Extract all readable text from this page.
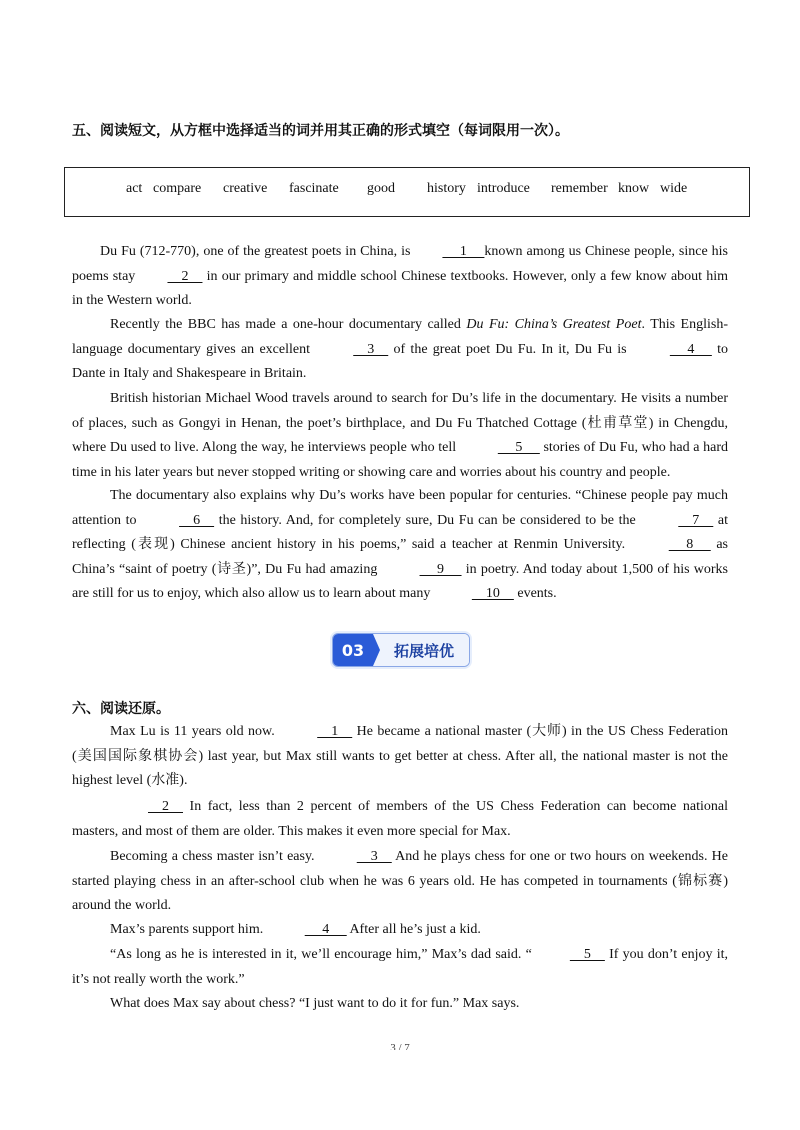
五、阅读短文，从方框中选择适当的词并用其正确的形式填空（每词限用一次）。
act compare creative fascinate good history introduce remember know wide

Du Fu (712-770), one of the greatest poets in China, is      1     known among us Chinese people, since his poems stay     2     in our primary and middle school Chinese textbooks. However, only a few know about him in the Western world.

Recently the BBC has made a one-hour documentary called Du Fu: China’s Greatest Poet. This English-language documentary gives an excellent	3     of the great poet Du Fu. In it, Du Fu is	4      to Dante in Italy and Shakespeare in Britain.

British historian Michael Wood travels around to search for Du’s life in the documentary. He visits a number of places, such as Gongyi in Henan, the poet’s birthplace, and Du Fu Thatched Cottage (杜甫草堂) in Chengdu, where Du used to live. Along the way, he interviews people who tell	5      stories of Du Fu, who had a hard time in his later years but never stopped writing or showing care and worries about his country and people.

The documentary also explains why Du’s works have been popular for centuries. “Chinese people pay much attention to	6     the history. And, for completely sure, Du Fu can be considered to be the	7     at reflecting (表现) Chinese ancient history in his poems,” said a teacher at Renmin University.	8      as China’s “saint of poetry (诗圣)”, Du Fu had amazing	9      in poetry. And today about 1,500 of his works are still for us to enjoy, which also allow us to learn about many	10     events.

03	拓展培优
六、阅读还原。

Max Lu is 11 years old now.	1     He became a national master (大师) in the US Chess Federation (美国国际象棋协会) last year, but Max still wants to get better at chess. After all, the national master is not the highest level (水准).

2     In fact, less than 2 percent of members of the US Chess Federation can become national masters, and most of them are older. This makes it even more special for Max.

Becoming a chess master isn’t easy.	3     And he plays chess for one or two hours on weekends. He started playing chess in an after-school club when he was 6 years old. He has competed in tournaments (锦标赛) around the world.

Max’s parents support him.	4      After all he’s just a kid.

“As long as he is interested in it, we’ll encourage him,” Max’s dad said. “	5     If you don’t enjoy it, it’s not really worth the work.”

What does Max say about chess? “I just want to do it for fun.” Max says.

3 / 7
